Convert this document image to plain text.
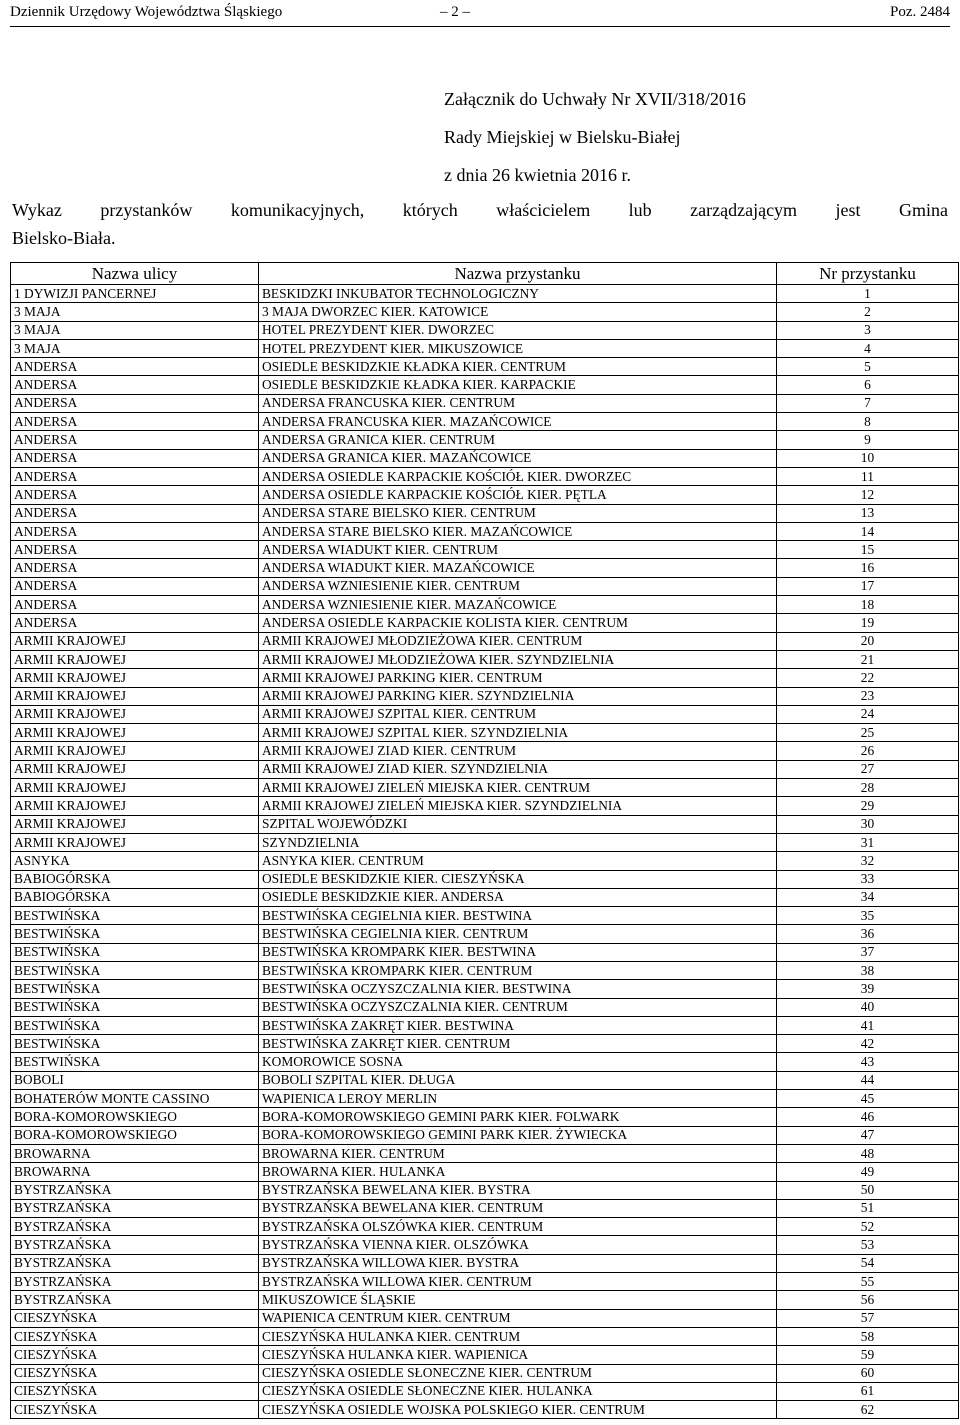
Dziennik Urzędowy Województwa Śląskiego	– 2 –	Poz. 2484
Załącznik do Uchwały Nr XVII/318/2016
Rady Miejskiej w Bielsku-Białej
z dnia 26 kwietnia 2016 r.
Wykaz przystanków komunikacyjnych, których właścicielem lub zarządzającym jest Gmina
Bielsko-Biała.
Nazwa ulicy	Nazwa przystanku	Nr przystanku
1 DYWIZJI PANCERNEJ	BESKIDZKI INKUBATOR TECHNOLOGICZNY	1
3 MAJA	3 MAJA DWORZEC KIER. KATOWICE	2
3 MAJA	HOTEL PREZYDENT KIER. DWORZEC	3
3 MAJA	HOTEL PREZYDENT KIER. MIKUSZOWICE	4
ANDERSA	OSIEDLE BESKIDZKIE KŁADKA KIER. CENTRUM	5
ANDERSA	OSIEDLE BESKIDZKIE KŁADKA KIER. KARPACKIE	6
ANDERSA	ANDERSA FRANCUSKA KIER. CENTRUM	7
ANDERSA	ANDERSA FRANCUSKA KIER. MAZAŃCOWICE	8
ANDERSA	ANDERSA GRANICA KIER. CENTRUM	9
ANDERSA	ANDERSA GRANICA KIER. MAZAŃCOWICE	10
ANDERSA	ANDERSA OSIEDLE KARPACKIE KOŚCIÓŁ KIER. DWORZEC	11
ANDERSA	ANDERSA OSIEDLE KARPACKIE KOŚCIÓŁ KIER. PĘTLA	12
ANDERSA	ANDERSA STARE BIELSKO KIER. CENTRUM	13
ANDERSA	ANDERSA STARE BIELSKO KIER. MAZAŃCOWICE	14
ANDERSA	ANDERSA WIADUKT KIER. CENTRUM	15
ANDERSA	ANDERSA WIADUKT KIER. MAZAŃCOWICE	16
ANDERSA	ANDERSA WZNIESIENIE KIER. CENTRUM	17
ANDERSA	ANDERSA WZNIESIENIE KIER. MAZAŃCOWICE	18
ANDERSA	ANDERSA OSIEDLE KARPACKIE KOLISTA KIER. CENTRUM	19
ARMII KRAJOWEJ	ARMII KRAJOWEJ MŁODZIEŻOWA KIER. CENTRUM	20
ARMII KRAJOWEJ	ARMII KRAJOWEJ MŁODZIEŻOWA KIER. SZYNDZIELNIA	21
ARMII KRAJOWEJ	ARMII KRAJOWEJ PARKING KIER. CENTRUM	22
ARMII KRAJOWEJ	ARMII KRAJOWEJ PARKING KIER. SZYNDZIELNIA	23
ARMII KRAJOWEJ	ARMII KRAJOWEJ SZPITAL KIER. CENTRUM	24
ARMII KRAJOWEJ	ARMII KRAJOWEJ SZPITAL KIER. SZYNDZIELNIA	25
ARMII KRAJOWEJ	ARMII KRAJOWEJ ZIAD KIER. CENTRUM	26
ARMII KRAJOWEJ	ARMII KRAJOWEJ ZIAD KIER. SZYNDZIELNIA	27
ARMII KRAJOWEJ	ARMII KRAJOWEJ ZIELEŃ MIEJSKA KIER. CENTRUM	28
ARMII KRAJOWEJ	ARMII KRAJOWEJ ZIELEŃ MIEJSKA KIER. SZYNDZIELNIA	29
ARMII KRAJOWEJ	SZPITAL WOJEWÓDZKI	30
ARMII KRAJOWEJ	SZYNDZIELNIA	31
ASNYKA	ASNYKA KIER. CENTRUM	32
BABIOGÓRSKA	OSIEDLE BESKIDZKIE KIER. CIESZYŃSKA	33
BABIOGÓRSKA	OSIEDLE BESKIDZKIE KIER. ANDERSA	34
BESTWIŃSKA	BESTWIŃSKA CEGIELNIA KIER. BESTWINA	35
BESTWIŃSKA	BESTWIŃSKA CEGIELNIA KIER. CENTRUM	36
BESTWIŃSKA	BESTWIŃSKA KROMPARK KIER. BESTWINA	37
BESTWIŃSKA	BESTWIŃSKA KROMPARK KIER. CENTRUM	38
BESTWIŃSKA	BESTWIŃSKA OCZYSZCZALNIA KIER. BESTWINA	39
BESTWIŃSKA	BESTWIŃSKA OCZYSZCZALNIA KIER. CENTRUM	40
BESTWIŃSKA	BESTWIŃSKA ZAKRĘT KIER. BESTWINA	41
BESTWIŃSKA	BESTWIŃSKA ZAKRĘT KIER. CENTRUM	42
BESTWIŃSKA	KOMOROWICE SOSNA	43
BOBOLI	BOBOLI SZPITAL KIER. DŁUGA	44
BOHATERÓW MONTE CASSINO	WAPIENICA LEROY MERLIN	45
BORA-KOMOROWSKIEGO	BORA-KOMOROWSKIEGO GEMINI PARK KIER. FOLWARK	46
BORA-KOMOROWSKIEGO	BORA-KOMOROWSKIEGO GEMINI PARK KIER. ŻYWIECKA	47
BROWARNA	BROWARNA KIER. CENTRUM	48
BROWARNA	BROWARNA KIER. HULANKA	49
BYSTRZAŃSKA	BYSTRZAŃSKA BEWELANA KIER. BYSTRA	50
BYSTRZAŃSKA	BYSTRZAŃSKA BEWELANA KIER. CENTRUM	51
BYSTRZAŃSKA	BYSTRZAŃSKA OLSZÓWKA KIER. CENTRUM	52
BYSTRZAŃSKA	BYSTRZAŃSKA VIENNA KIER. OLSZÓWKA	53
BYSTRZAŃSKA	BYSTRZAŃSKA WILLOWA KIER. BYSTRA	54
BYSTRZAŃSKA	BYSTRZAŃSKA WILLOWA KIER. CENTRUM	55
BYSTRZAŃSKA	MIKUSZOWICE ŚLĄSKIE	56
CIESZYŃSKA	WAPIENICA CENTRUM KIER. CENTRUM	57
CIESZYŃSKA	CIESZYŃSKA HULANKA KIER. CENTRUM	58
CIESZYŃSKA	CIESZYŃSKA HULANKA KIER. WAPIENICA	59
CIESZYŃSKA	CIESZYŃSKA OSIEDLE SŁONECZNE KIER. CENTRUM	60
CIESZYŃSKA	CIESZYŃSKA OSIEDLE SŁONECZNE KIER. HULANKA	61
CIESZYŃSKA	CIESZYŃSKA OSIEDLE WOJSKA POLSKIEGO KIER. CENTRUM	62
